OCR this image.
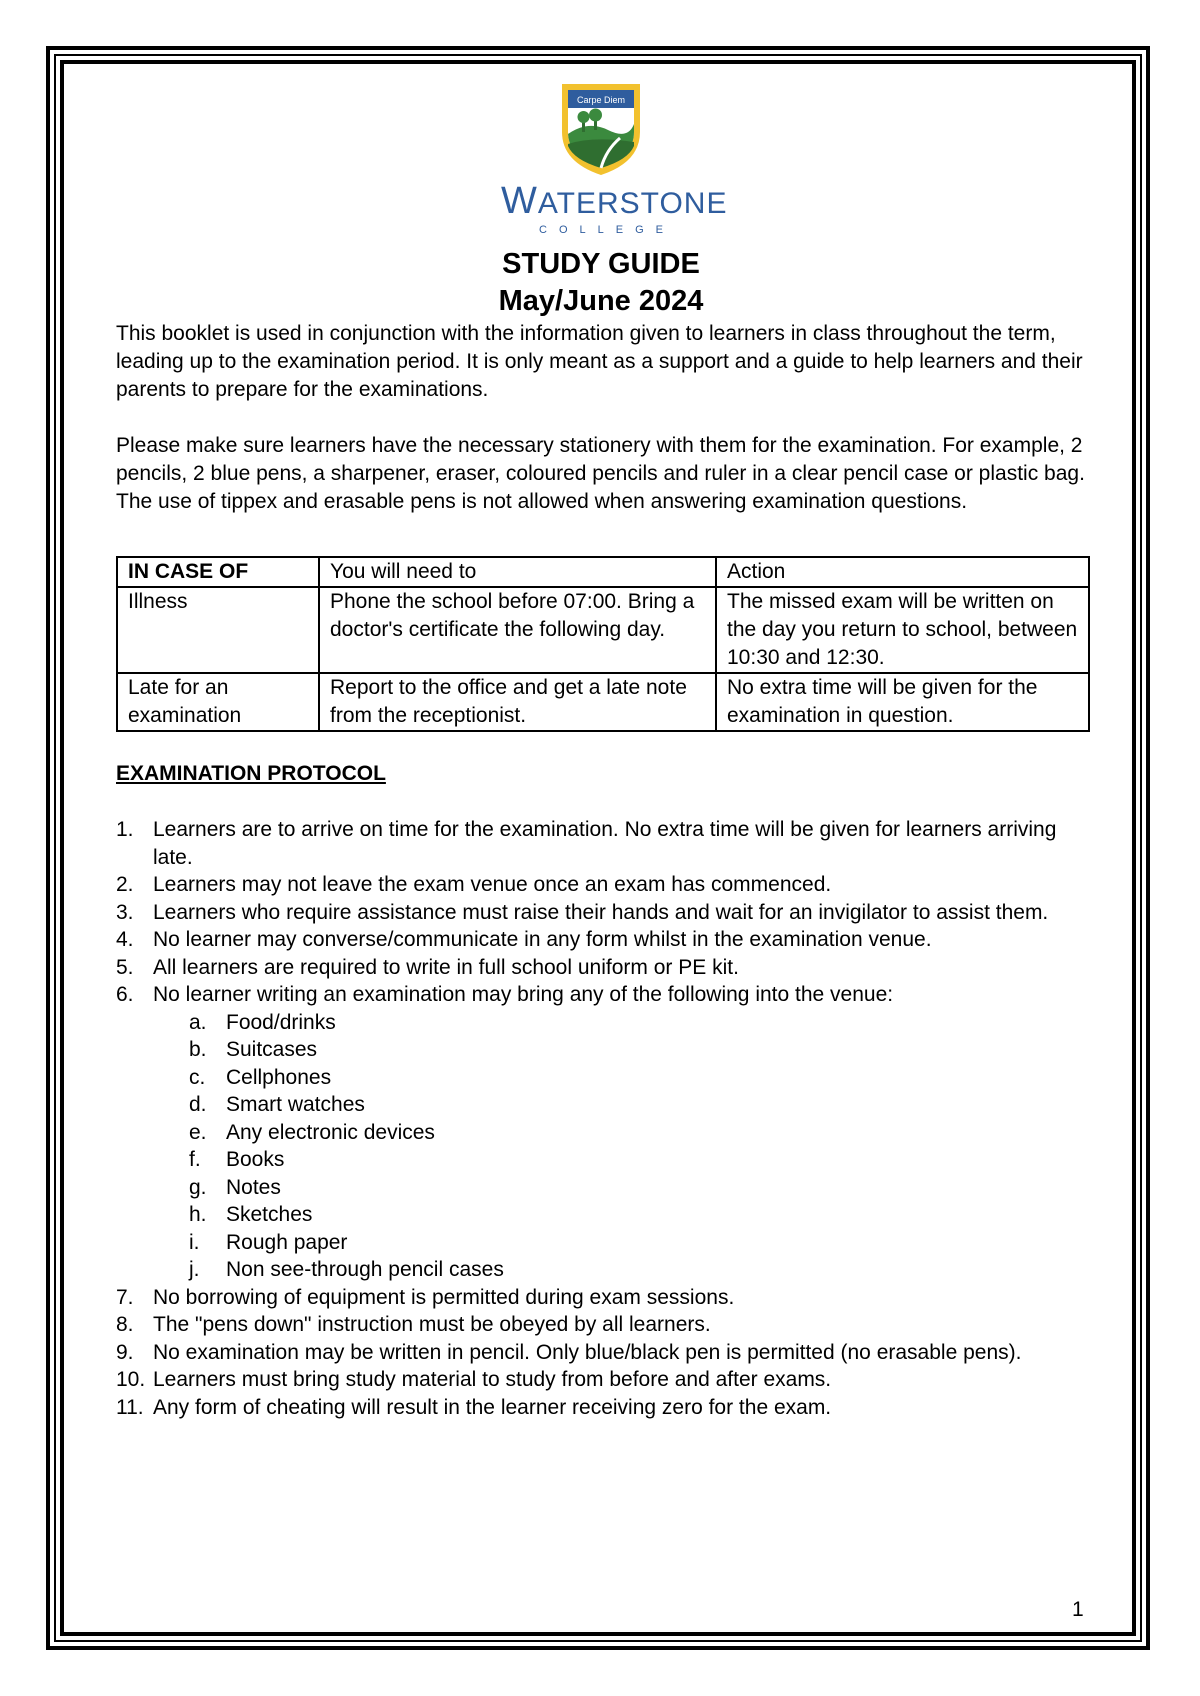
Carpe Diem
WATERSTONE
COLLEGE
STUDY GUIDE
May/June 2024

This booklet is used in conjunction with the information given to learners in class throughout the term, leading up to the examination period. It is only meant as a support and a guide to help learners and their parents to prepare for the examinations.

Please make sure learners have the necessary stationery with them for the examination. For example, 2 pencils, 2 blue pens, a sharpener, eraser, coloured pencils and ruler in a clear pencil case or plastic bag.

The use of tippex and erasable pens is not allowed when answering examination questions.

IN CASE OF	You will need to	Action
Illness	Phone the school before 07:00. Bring a doctor's certificate the following day.	The missed exam will be written on the day you return to school, between 10:30 and 12:30.
Late for an examination	Report to the office and get a late note from the receptionist.	No extra time will be given for the examination in question.
EXAMINATION PROTOCOL
1. Learners are to arrive on time for the examination. No extra time will be given for learners arriving late.
2. Learners may not leave the exam venue once an exam has commenced.
3. Learners who require assistance must raise their hands and wait for an invigilator to assist them.
4. No learner may converse/communicate in any form whilst in the examination venue.
5. All learners are required to write in full school uniform or PE kit.
6. No learner writing an examination may bring any of the following into the venue:
a. Food/drinks
b. Suitcases
c. Cellphones
d. Smart watches
e. Any electronic devices
f. Books
g. Notes
h. Sketches
i. Rough paper
j. Non see-through pencil cases
7. No borrowing of equipment is permitted during exam sessions.
8. The "pens down" instruction must be obeyed by all learners.
9. No examination may be written in pencil. Only blue/black pen is permitted (no erasable pens).
10. Learners must bring study material to study from before and after exams.
11. Any form of cheating will result in the learner receiving zero for the exam.
1
